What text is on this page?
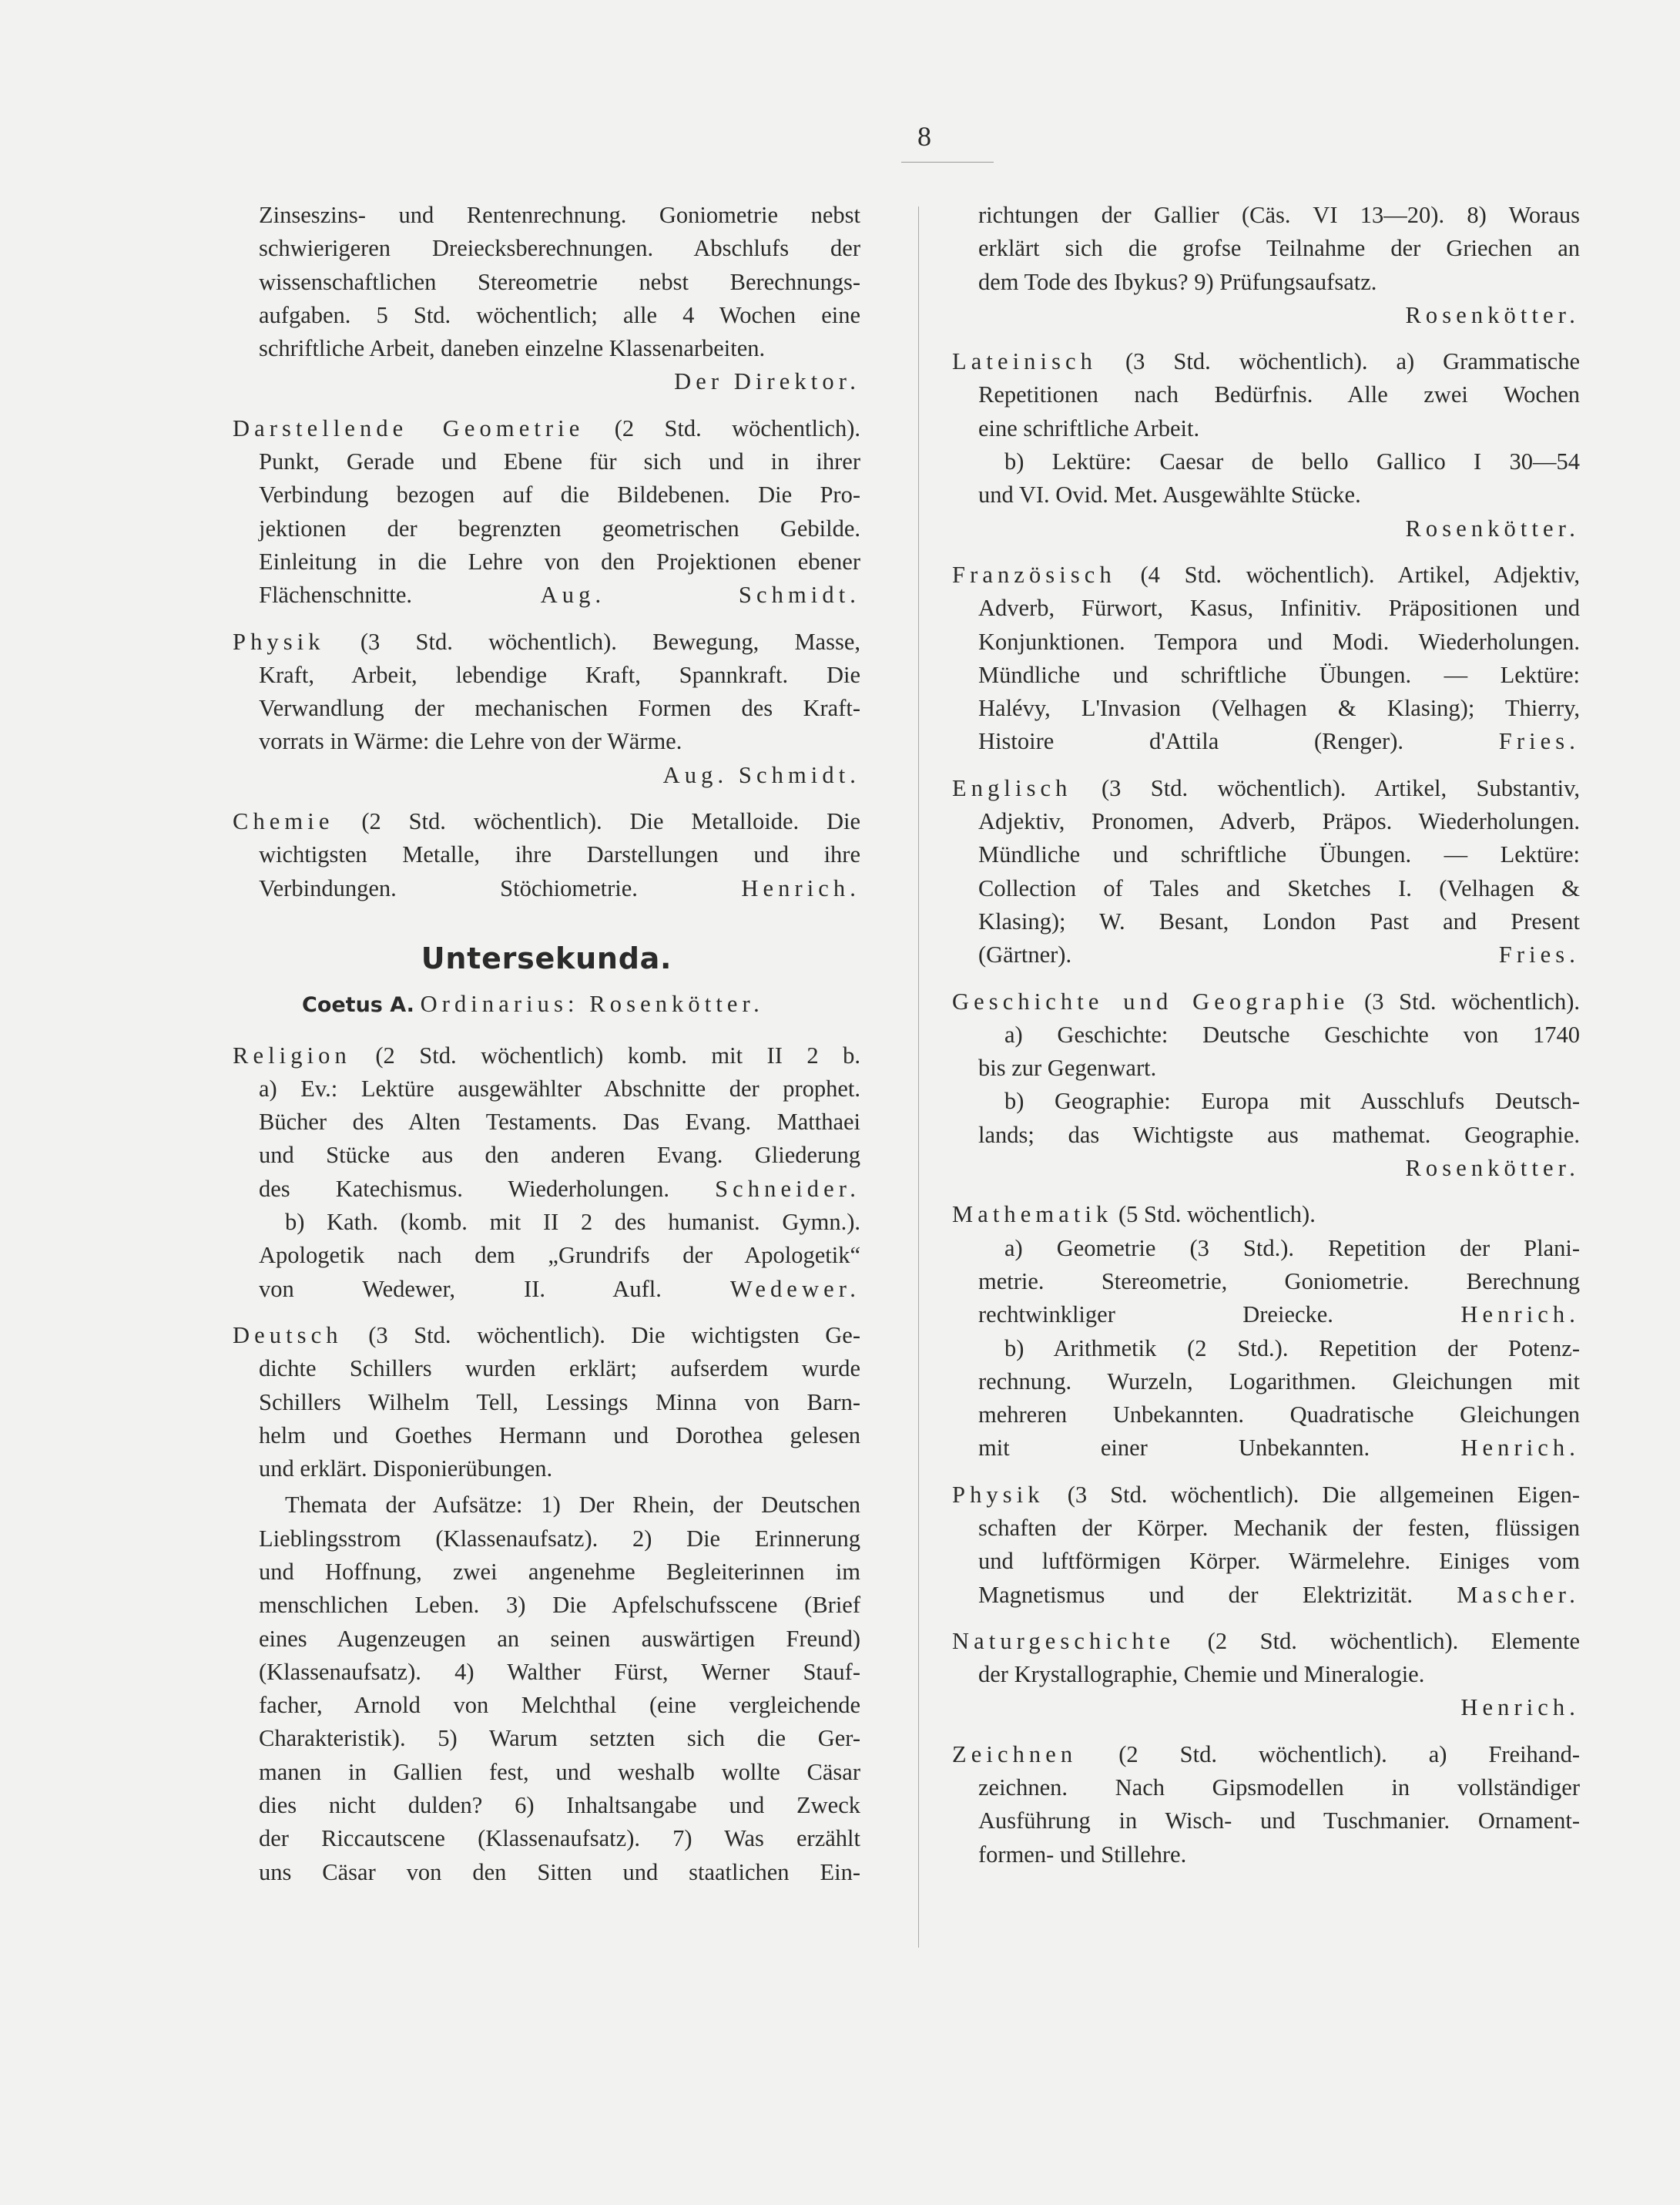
8

Zinseszins- und Rentenrechnung. Goniometrie nebst
schwierigeren Dreiecksberechnungen. Abschlufs der
wissenschaftlichen Stereometrie nebst Berechnungs-
aufgaben. 5 Std. wöchentlich; alle 4 Wochen eine
schriftliche Arbeit, daneben einzelne Klassenarbeiten.
Der Direktor.

Darstellende Geometrie (2 Std. wöchentlich).

Punkt, Gerade und Ebene für sich und in ihrer
Verbindung bezogen auf die Bildebenen. Die Pro-
jektionen der begrenzten geometrischen Gebilde.
Einleitung in die Lehre von den Projektionen ebener
Flächenschnitte.	Aug. Schmidt.

Physik (3 Std. wöchentlich). Bewegung, Masse,

Kraft, Arbeit, lebendige Kraft, Spannkraft. Die
Verwandlung der mechanischen Formen des Kraft-
vorrats in Wärme: die Lehre von der Wärme.
Aug. Schmidt.

Chemie (2 Std. wöchentlich). Die Metalloide. Die

wichtigsten Metalle, ihre Darstellungen und ihre
Verbindungen. Stöchiometrie.	Henrich.

Untersekunda.
Coetus A. Ordinarius: Rosenkötter.

Religion (2 Std. wöchentlich) komb. mit II 2 b.

a) Ev.: Lektüre ausgewählter Abschnitte der prophet.
Bücher des Alten Testaments. Das Evang. Matthaei
und Stücke aus den anderen Evang. Gliederung
des Katechismus. Wiederholungen. Schneider.
b) Kath. (komb. mit II 2 des humanist. Gymn.).
Apologetik nach dem „Grundrifs der Apologetik“
von Wedewer, II. Aufl.	Wedewer.

Deutsch (3 Std. wöchentlich). Die wichtigsten Ge-

dichte Schillers wurden erklärt; aufserdem wurde
Schillers Wilhelm Tell, Lessings Minna von Barn-
helm und Goethes Hermann und Dorothea gelesen
und erklärt. Disponierübungen.

Themata der Aufsätze: 1) Der Rhein, der Deutschen
Lieblingsstrom (Klassenaufsatz). 2) Die Erinnerung
und Hoffnung, zwei angenehme Begleiterinnen im
menschlichen Leben. 3) Die Apfelschufsscene (Brief
eines Augenzeugen an seinen auswärtigen Freund)
(Klassenaufsatz). 4) Walther Fürst, Werner Stauf-
facher, Arnold von Melchthal (eine vergleichende
Charakteristik). 5) Warum setzten sich die Ger-
manen in Gallien fest, und weshalb wollte Cäsar
dies nicht dulden? 6) Inhaltsangabe und Zweck
der Riccautscene (Klassenaufsatz). 7) Was erzählt
uns Cäsar von den Sitten und staatlichen Ein-

richtungen der Gallier (Cäs. VI 13—20). 8) Woraus
erklärt sich die grofse Teilnahme der Griechen an
dem Tode des Ibykus? 9) Prüfungsaufsatz.
Rosenkötter.

Lateinisch (3 Std. wöchentlich). a) Grammatische

Repetitionen nach Bedürfnis. Alle zwei Wochen
eine schriftliche Arbeit.
b) Lektüre: Caesar de bello Gallico I 30—54
und VI. Ovid. Met. Ausgewählte Stücke.
Rosenkötter.

Französisch (4 Std. wöchentlich). Artikel, Adjektiv,

Adverb, Fürwort, Kasus, Infinitiv. Präpositionen und
Konjunktionen. Tempora und Modi. Wiederholungen.
Mündliche und schriftliche Übungen. — Lektüre:
Halévy, L'Invasion (Velhagen & Klasing); Thierry,
Histoire d'Attila (Renger).	Fries.

Englisch (3 Std. wöchentlich). Artikel, Substantiv,

Adjektiv, Pronomen, Adverb, Präpos. Wiederholungen.
Mündliche und schriftliche Übungen. — Lektüre:
Collection of Tales and Sketches I. (Velhagen &
Klasing); W. Besant, London Past and Present
(Gärtner).	Fries.

Geschichte und Geographie (3 Std. wöchentlich).

a) Geschichte: Deutsche Geschichte von 1740
bis zur Gegenwart.
b) Geographie: Europa mit Ausschlufs Deutsch-
lands; das Wichtigste aus mathemat. Geographie.
Rosenkötter.

Mathematik (5 Std. wöchentlich).

a) Geometrie (3 Std.). Repetition der Plani-
metrie. Stereometrie, Goniometrie. Berechnung
rechtwinkliger Dreiecke.	Henrich.
b) Arithmetik (2 Std.). Repetition der Potenz-
rechnung. Wurzeln, Logarithmen. Gleichungen mit
mehreren Unbekannten. Quadratische Gleichungen
mit einer Unbekannten.	Henrich.

Physik (3 Std. wöchentlich). Die allgemeinen Eigen-

schaften der Körper. Mechanik der festen, flüssigen
und luftförmigen Körper. Wärmelehre. Einiges vom
Magnetismus und der Elektrizität. Mascher.

Naturgeschichte (2 Std. wöchentlich). Elemente

der Krystallographie, Chemie und Mineralogie.
Henrich.

Zeichnen (2 Std. wöchentlich). a) Freihand-

zeichnen. Nach Gipsmodellen in vollständiger
Ausführung in Wisch- und Tuschmanier. Ornament-
formen- und Stillehre.
